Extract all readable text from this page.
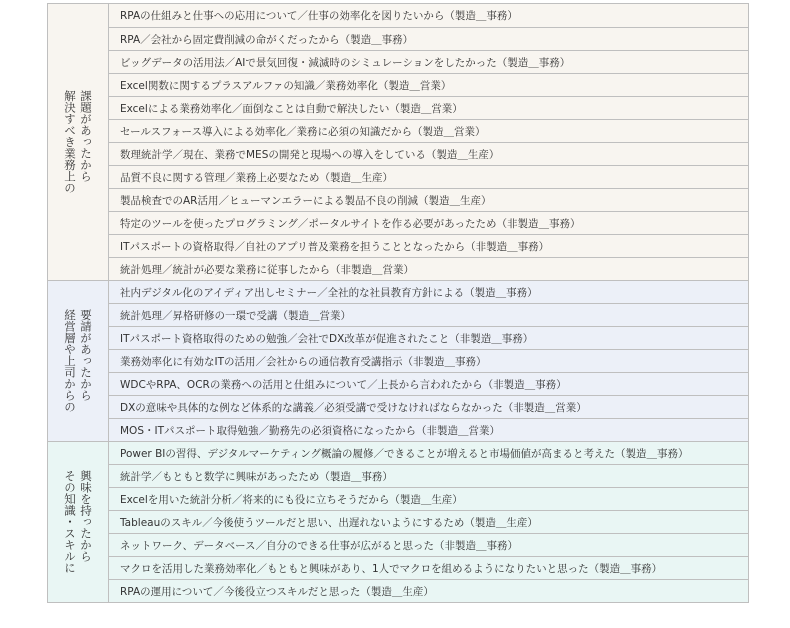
課題があったから
解決すべき業務上の
RPAの仕組みと仕事への応用について／仕事の効率化を図りたいから（製造＿事務）
RPA／会社から固定費削減の命がくだったから（製造＿事務）
ビッグデータの活用法／AIで景気回復・減滅時のシミュレーションをしたかった（製造＿事務）
Excel関数に関するプラスアルファの知識／業務効率化（製造＿営業）
Excelによる業務効率化／面倒なことは自動で解決したい（製造＿営業）
セールスフォース導入による効率化／業務に必須の知識だから（製造＿営業）
数理統計学／現在、業務でMESの開発と現場への導入をしている（製造＿生産）
品質不良に関する管理／業務上必要なため（製造＿生産）
製品検査でのAR活用／ヒューマンエラーによる製品不良の削減（製造＿生産）
特定のツールを使ったプログラミング／ポータルサイトを作る必要があったため（非製造＿事務）
ITパスポートの資格取得／自社のアプリ普及業務を担うこととなったから（非製造＿事務）
統計処理／統計が必要な業務に従事したから（非製造＿営業）
要請があったから
経営層や上司からの
社内デジタル化のアイディア出しセミナー／全社的な社員教育方針による（製造＿事務）
統計処理／昇格研修の一環で受講（製造＿営業）
ITパスポート資格取得のための勉強／会社でDX改革が促進されたこと（非製造＿事務）
業務効率化に有効なITの活用／会社からの通信教育受講指示（非製造＿事務）
WDCやRPA、OCRの業務への活用と仕組みについて／上長から言われたから（非製造＿事務）
DXの意味や具体的な例など体系的な講義／必須受講で受けなければならなかった（非製造＿営業）
MOS・ITパスポート取得勉強／勤務先の必須資格になったから（非製造＿営業）
興味を持ったから
その知識・スキルに
Power BIの習得、デジタルマーケティング概論の履修／できることが増えると市場価値が高まると考えた（製造＿事務）
統計学／もともと数学に興味があったため（製造＿事務）
Excelを用いた統計分析／将来的にも役に立ちそうだから（製造＿生産）
Tableauのスキル／今後使うツールだと思い、出遅れないようにするため（製造＿生産）
ネットワーク、データベース／自分のできる仕事が広がると思った（非製造＿事務）
マクロを活用した業務効率化／もともと興味があり、1人でマクロを組めるようになりたいと思った（製造＿事務）
RPAの運用について／今後役立つスキルだと思った（製造＿生産）
